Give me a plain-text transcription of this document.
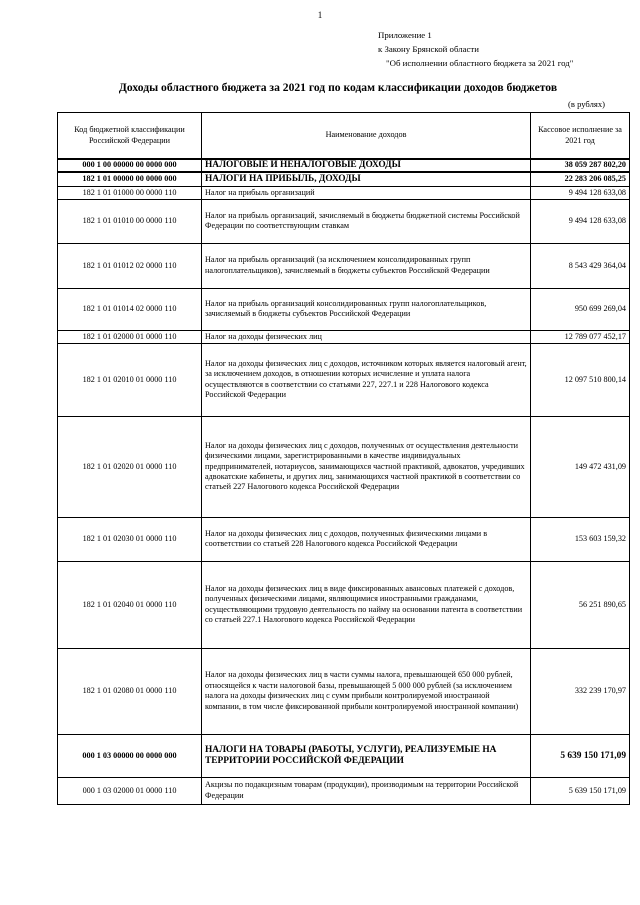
1
Приложение 1
к Закону Брянской области
"Об исполнении областного бюджета за 2021 год"
Доходы областного бюджета за 2021 год по кодам классификации доходов бюджетов
(в рублях)
Код бюджетной классификации Российской Федерации	Наименование доходов	Кассовое исполнение за 2021 год
000 1 00 00000 00 0000 000	НАЛОГОВЫЕ И НЕНАЛОГОВЫЕ ДОХОДЫ	38 059 287 802,20
182 1 01 00000 00 0000 000	НАЛОГИ НА ПРИБЫЛЬ, ДОХОДЫ	22 283 206 085,25
182 1 01 01000 00 0000 110	Налог на прибыль организаций	9 494 128 633,08
182 1 01 01010 00 0000 110	Налог на прибыль организаций, зачисляемый в бюджеты бюджетной системы Российской Федерации по соответствующим ставкам	9 494 128 633,08
182 1 01 01012 02 0000 110	Налог на прибыль организаций (за исключением консолидированных групп налогоплательщиков), зачисляемый в бюджеты субъектов Российской Федерации	8 543 429 364,04
182 1 01 01014 02 0000 110	Налог на прибыль организаций консолидированных групп налогоплательщиков, зачисляемый в бюджеты субъектов Российской Федерации	950 699 269,04
182 1 01 02000 01 0000 110	Налог на доходы физических лиц	12 789 077 452,17
182 1 01 02010 01 0000 110	Налог на доходы физических лиц с доходов, источником которых является налоговый агент, за исключением доходов, в отношении которых исчисление и уплата налога осуществляются в соответствии со статьями 227, 227.1 и 228 Налогового кодекса Российской Федерации	12 097 510 800,14
182 1 01 02020 01 0000 110	Налог на доходы физических лиц с доходов, полученных от осуществления деятельности физическими лицами, зарегистрированными в качестве индивидуальных предпринимателей, нотариусов, занимающихся частной практикой, адвокатов, учредивших адвокатские кабинеты, и других лиц, занимающихся частной практикой в соответствии со статьей 227 Налогового кодекса Российской Федерации	149 472 431,09
182 1 01 02030 01 0000 110	Налог на доходы физических лиц с доходов, полученных физическими лицами в соответствии со статьей 228 Налогового кодекса Российской Федерации	153 603 159,32
182 1 01 02040 01 0000 110	Налог на доходы физических лиц в виде фиксированных авансовых платежей с доходов, полученных физическими лицами, являющимися иностранными гражданами, осуществляющими трудовую деятельность по найму на основании патента в соответствии со статьей 227.1 Налогового кодекса Российской Федерации	56 251 890,65
182 1 01 02080 01 0000 110	Налог на доходы физических лиц в части суммы налога, превышающей 650 000 рублей, относящейся к части налоговой базы, превышающей 5 000 000 рублей (за исключением налога на доходы физических лиц с сумм прибыли контролируемой иностранной компании, в том числе фиксированной прибыли контролируемой иностранной компании)	332 239 170,97
000 1 03 00000 00 0000 000	НАЛОГИ НА ТОВАРЫ (РАБОТЫ, УСЛУГИ), РЕАЛИЗУЕМЫЕ НА ТЕРРИТОРИИ РОССИЙСКОЙ ФЕДЕРАЦИИ	5 639 150 171,09
000 1 03 02000 01 0000 110	Акцизы по подакцизным товарам (продукции), производимым на территории Российской Федерации	5 639 150 171,09
